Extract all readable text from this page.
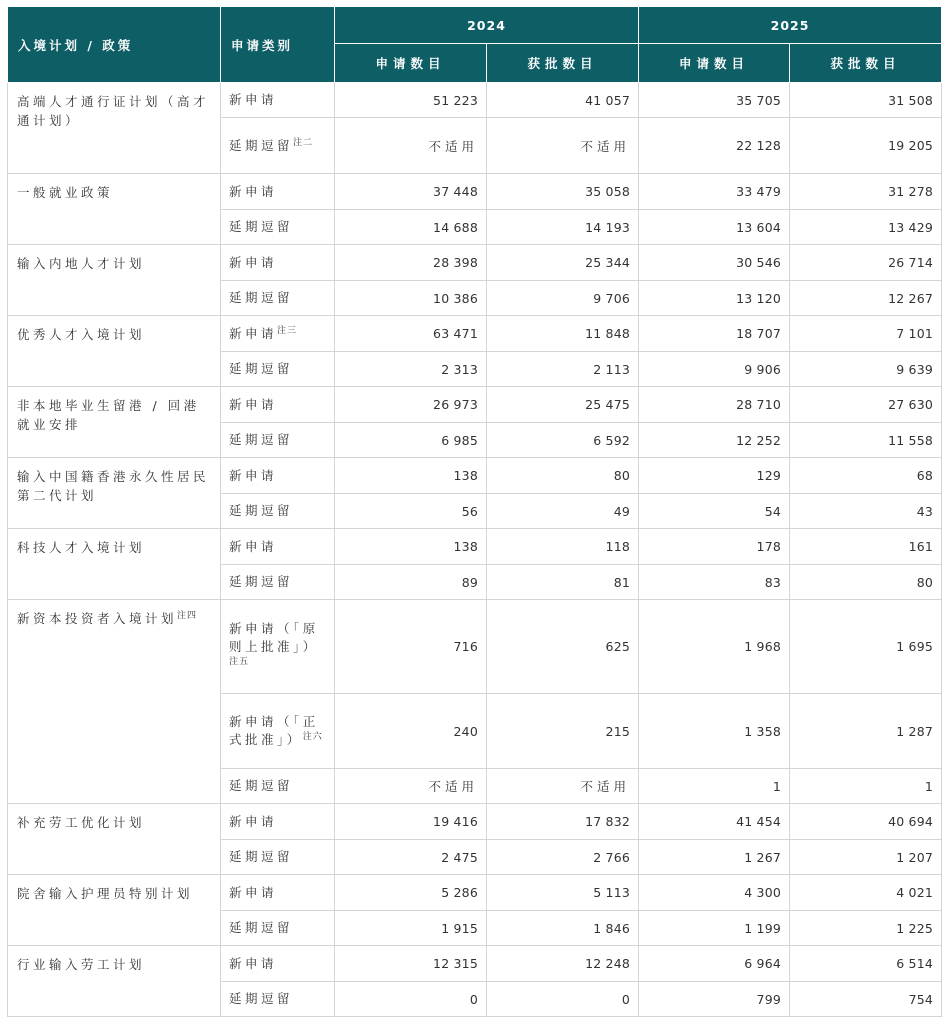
入境计划 / 政策	申请类别	2024		2025	
		申请数目	获批数目	申请数目	获批数目
高端人才通行证计划（高才通计划）	新申请	51 223	41 057	35 705	31 508
	延期逗留$^{注二}$	不适用	不适用	22 128	19 205
一般就业政策	新申请	37 448	35 058	33 479	31 278
	延期逗留	14 688	14 193	13 604	13 429
输入内地人才计划	新申请	28 398	25 344	30 546	26 714
	延期逗留	10 386	9 706	13 120	12 267
优秀人才入境计划	新申请$^{注三}$	63 471	11 848	18 707	7 101
	延期逗留	2 313	2 113	9 906	9 639
非本地毕业生留港 / 回港就业安排	新申请	26 973	25 475	28 710	27 630
	延期逗留	6 985	6 592	12 252	11 558
输入中国籍香港永久性居民第二代计划	新申请	138	80	129	68
	延期逗留	56	49	54	43
科技人才入境计划	新申请	138	118	178	161
	延期逗留	89	81	83	80
新资本投资者入境计划$^{注四}$	新申请（「原则上批准」）$^{注五}$	716	625	1 968	1 695
	新申请（「正式批准」）$^{注六}$	240	215	1 358	1 287
	延期逗留	不适用	不适用	1	1
补充劳工优化计划	新申请	19 416	17 832	41 454	40 694
	延期逗留	2 475	2 766	1 267	1 207
院舍输入护理员特别计划	新申请	5 286	5 113	4 300	4 021
	延期逗留	1 915	1 846	1 199	1 225
行业输入劳工计划	新申请	12 315	12 248	6 964	6 514
	延期逗留	0	0	799	754
